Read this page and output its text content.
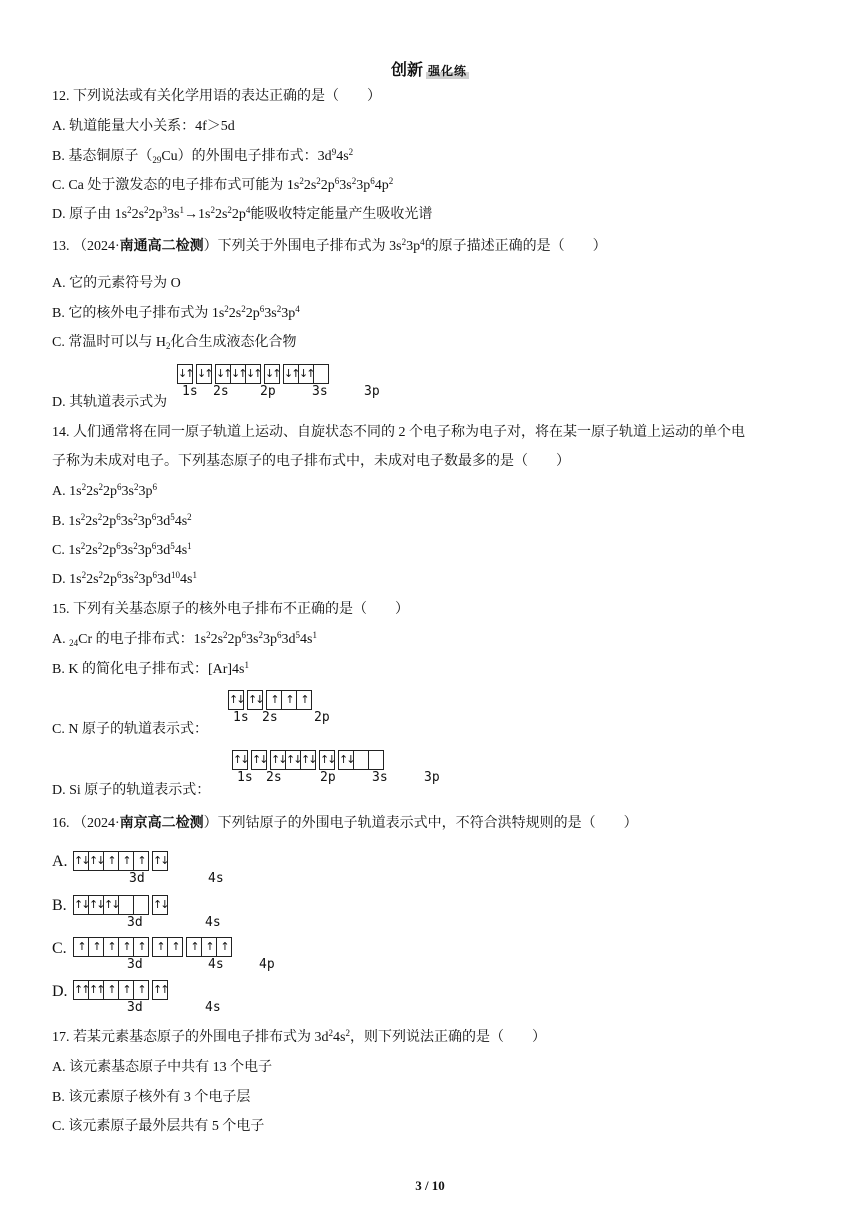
创新 强化练
12. 下列说法或有关化学用语的表达正确的是（　　）
A. 轨道能量大小关系：4f＞5d
B. 基态铜原子$(_{29}Cu)$的外围电子排布式：$3d^94s^2$
C. Ca 处于激发态的电子排布式可能为 $1s^22s^22p^63s^23p^64p^2$
D. 原子由 $1s^22s^22p^33s^1\to 1s^22s^22p^4$能吸收特定能量产生吸收光谱
13. （2024·南通高二检测）下列关于外围电子排布式为 $3s^23p^4$的原子描述正确的是（　　）
A. 它的元素符号为 O
B. 它的核外电子排布式为 $1s^22s^22p^63s^23p^4$
C. 常温时可以与 $H_2$化合生成液态化合物
D. 其轨道表示式为
↓↑ ↓↑ ↓↑ ↓↑ ↓↑ ↓↑ ↓↑ ↓↑
1s 2s 2p	3s	3p
14. 人们通常将在同一原子轨道上运动、自旋状态不同的 2 个电子称为电子对，将在某一原子轨道上运动的单个电
子称为未成对电子。下列基态原子的电子排布式中，未成对电子数最多的是（　　）
A. $1s^22s^22p^63s^23p^6$
B. $1s^22s^22p^63s^23p^63d^54s^2$
C. $1s^22s^22p^63s^23p^63d^54s^1$
D. $1s^22s^22p^63s^23p^63d^{10}4s^1$
15. 下列有关基态原子的核外电子排布不正确的是（　　）
A. $_{24}$Cr 的电子排布式：$1s^22s^22p^63s^23p^63d^54s^1$
B. K 的简化电子排布式：$[Ar]4s^1$
C. N 原子的轨道表示式：
↑↓ ↑↓ ↑ ↑ ↑
1s 2s	2p
D. Si 原子的轨道表示式：
↑↓ ↑↓ ↑↓ ↑↓ ↑↓ ↑↓ ↑↓
1s 2s	2p	3s	3p
16. （2024·南京高二检测）下列钴原子的外围电子轨道表示式中，不符合洪特规则的是（　　）
A. ↑↓ ↑↓ ↑ ↑ ↑ ↑↓
3d	4s
B. ↑↓ ↑↓ ↑↓	↑↓
3d	4s
C. ↑ ↑ ↑ ↑ ↑	↑ ↑	↑ ↑ ↑
3d	4s	4p
D. ↑↑ ↑↑ ↑ ↑ ↑ ↑↑
3d	4s
17. 若某元素基态原子的外围电子排布式为 $3d^24s^2$，则下列说法正确的是（　　）
A. 该元素基态原子中共有 13 个电子
B. 该元素原子核外有 3 个电子层
C. 该元素原子最外层共有 5 个电子
3 / 10
